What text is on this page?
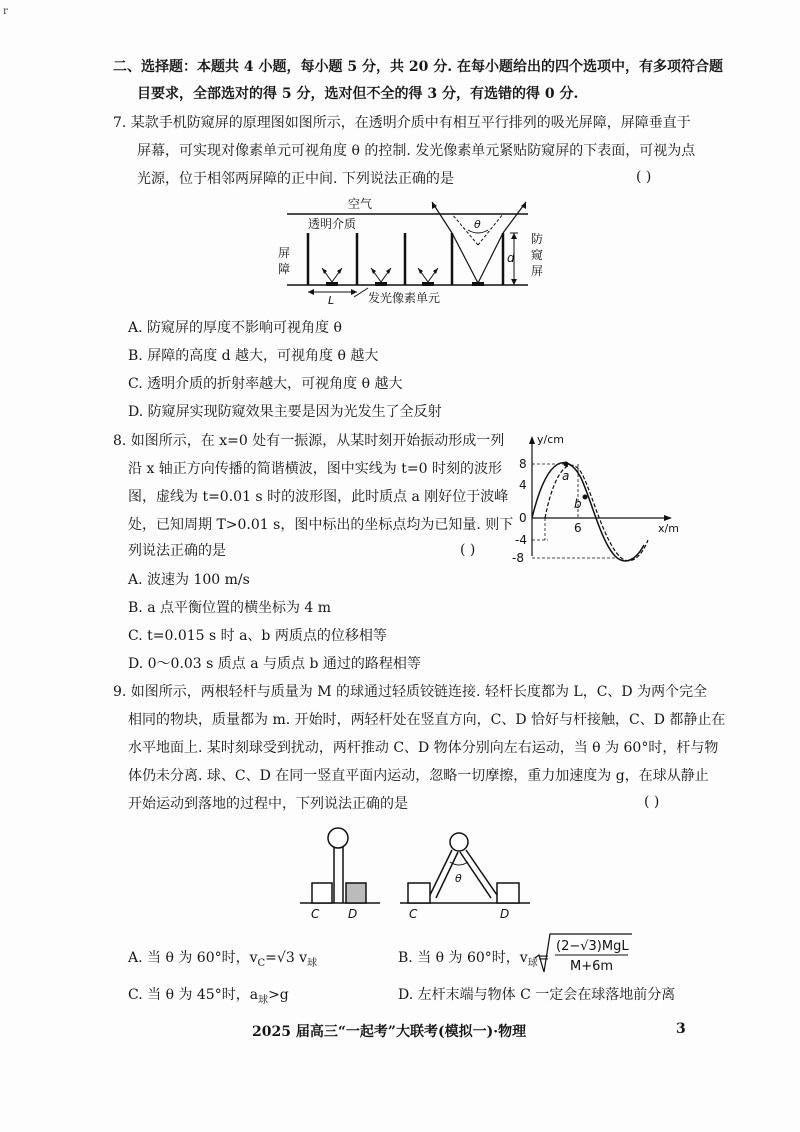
r
二、选择题：本题共 4 小题，每小题 5 分，共 20 分. 在每小题给出的四个选项中，有多项符合题
目要求，全部选对的得 5 分，选对但不全的得 3 分，有选错的得 0 分.
7. 某款手机防窥屏的原理图如图所示，在透明介质中有相互平行排列的吸光屏障，屏障垂直于
屏幕，可实现对像素单元可视角度 θ 的控制. 发光像素单元紧贴防窥屏的下表面，可视为点
光源，位于相邻两屏障的正中间. 下列说法正确的是	( )
空气
透明介质
屏
障
防
窥
屏
发光像素单元
L
d
θ
A. 防窥屏的厚度不影响可视角度 θ
B. 屏障的高度 d 越大，可视角度 θ 越大
C. 透明介质的折射率越大，可视角度 θ 越大
D. 防窥屏实现防窥效果主要是因为光发生了全反射
8. 如图所示，在 x=0 处有一振源，从某时刻开始振动形成一列
沿 x 轴正方向传播的简谐横波，图中实线为 t=0 时刻的波形
图，虚线为 t=0.01 s 时的波形图，此时质点 a 刚好位于波峰
处，已知周期 T>0.01 s，图中标出的坐标点均为已知量. 则下
列说法正确的是	( )
A. 波速为 100 m/s
B. a 点平衡位置的横坐标为 4 m
C. t=0.015 s 时 a、b 两质点的位移相等
D. 0～0.03 s 质点 a 与质点 b 通过的路程相等
y/cm
x/m
8
4
0
-4
-8
6
a
b
9. 如图所示，两根轻杆与质量为 M 的球通过轻质铰链连接. 轻杆长度都为 L，C、D 为两个完全
相同的物块，质量都为 m. 开始时，两轻杆处在竖直方向，C、D 恰好与杆接触，C、D 都静止在
水平地面上. 某时刻球受到扰动，两杆推动 C、D 物体分别向左右运动，当 θ 为 60°时，杆与物
体仍未分离. 球、C、D 在同一竖直平面内运动，忽略一切摩擦，重力加速度为 g，在球从静止
开始运动到落地的过程中，下列说法正确的是	( )
C D	C	D
θ
A. 当 θ 为 60°时，$v_C=√3$ $v_球$	B. 当 θ 为 60°时，$v_球=$
(2−√3)MgL
M+6m
C. 当 θ 为 45°时，$a_球>g$	D. 左杆末端与物体 C 一定会在球落地前分离
2025 届高三“一起考”大联考(模拟一)·物理	3
